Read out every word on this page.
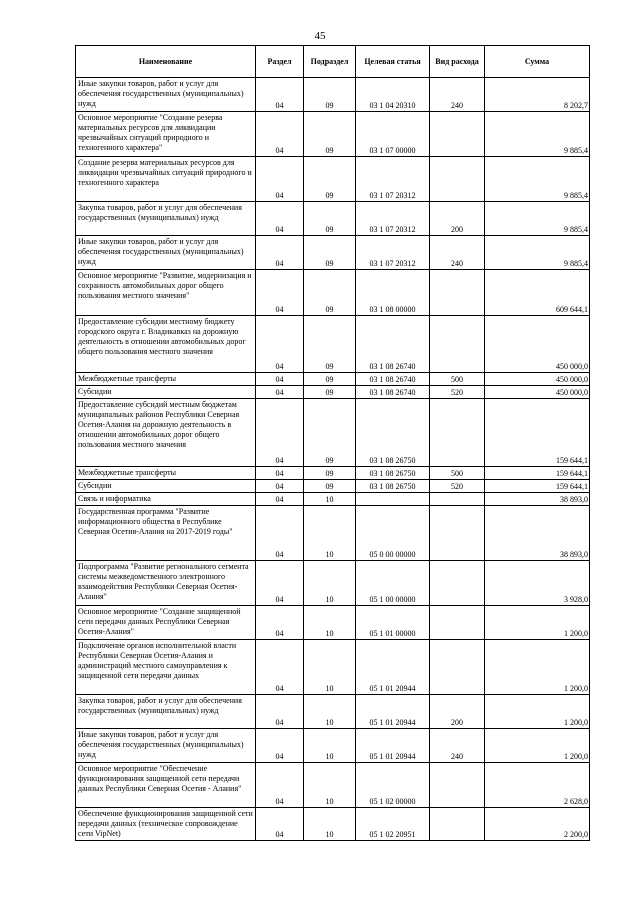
45
Наименование	Раздел	Подраздел	Целевая статья	Вид расхода	Сумма
Иные закупки товаров, работ и услуг для обеспечения государственных (муниципальных) нужд	04	09	03 1 04 20310	240	8 202,7
Основное мероприятие "Создание резерва материальных ресурсов для ликвидации чрезвычайных ситуаций природного и техногенного характера"	04	09	03 1 07 00000		9 885,4
Создание резерва материальных ресурсов для ликвидации чрезвычайных ситуаций природного и техногенного характера	04	09	03 1 07 20312		9 885,4
Закупка товаров, работ и услуг для обеспечения государственных (муниципальных) нужд	04	09	03 1 07 20312	200	9 885,4
Иные закупки товаров, работ и услуг для обеспечения государственных (муниципальных) нужд	04	09	03 1 07 20312	240	9 885,4
Основное мероприятие "Развитие, модернизация и сохранность автомобильных дорог общего пользования местного значения"	04	09	03 1 08 00000		609 644,1
Предоставление субсидии местному бюджету городского округа г. Владикавказ на дорожную деятельность в отношении автомобильных дорог общего пользования местного значения	04	09	03 1 08 26740		450 000,0
Межбюджетные трансферты	04	09	03 1 08 26740	500	450 000,0
Субсидии	04	09	03 1 08 26740	520	450 000,0
Предоставление субсидий местным бюджетам муниципальных районов Республики Северная Осетия-Алания на дорожную деятельность в отношении автомобильных дорог общего пользования местного значения	04	09	03 1 08 26750		159 644,1
Межбюджетные трансферты	04	09	03 1 08 26750	500	159 644,1
Субсидии	04	09	03 1 08 26750	520	159 644,1
Связь и информатика	04	10			38 893,0
Государственная программа "Развитие информационного общества в Республике Северная Осетия-Алания на 2017-2019 годы"	04	10	05 0 00 00000		38 893,0
Подпрограмма "Развитие регионального сегмента системы межведомственного электронного взаимодействия Республики Северная Осетия-Алания"	04	10	05 1 00 00000		3 928,0
Основное мероприятие "Создание защищенной сети передачи данных Республики Северная Осетия-Алания"	04	10	05 1 01 00000		1 200,0
Подключение органов исполнительной власти Республики Северная Осетия-Алания и администраций местного самоуправления к защищенной сети передачи данных	04	10	05 1 01 20944		1 200,0
Закупка товаров, работ и услуг для обеспечения государственных (муниципальных) нужд	04	10	05 1 01 20944	200	1 200,0
Иные закупки товаров, работ и услуг для обеспечения государственных (муниципальных) нужд	04	10	05 1 01 20944	240	1 200,0
Основное мероприятие "Обеспечение функционирования защищенной сети передачи данных Республики Северная Осетия - Алания"	04	10	05 1 02 00000		2 628,0
Обеспечение функционирования защищенной сети передачи данных (техническое сопровождение сети VipNet)	04	10	05 1 02 20951		2 200,0
